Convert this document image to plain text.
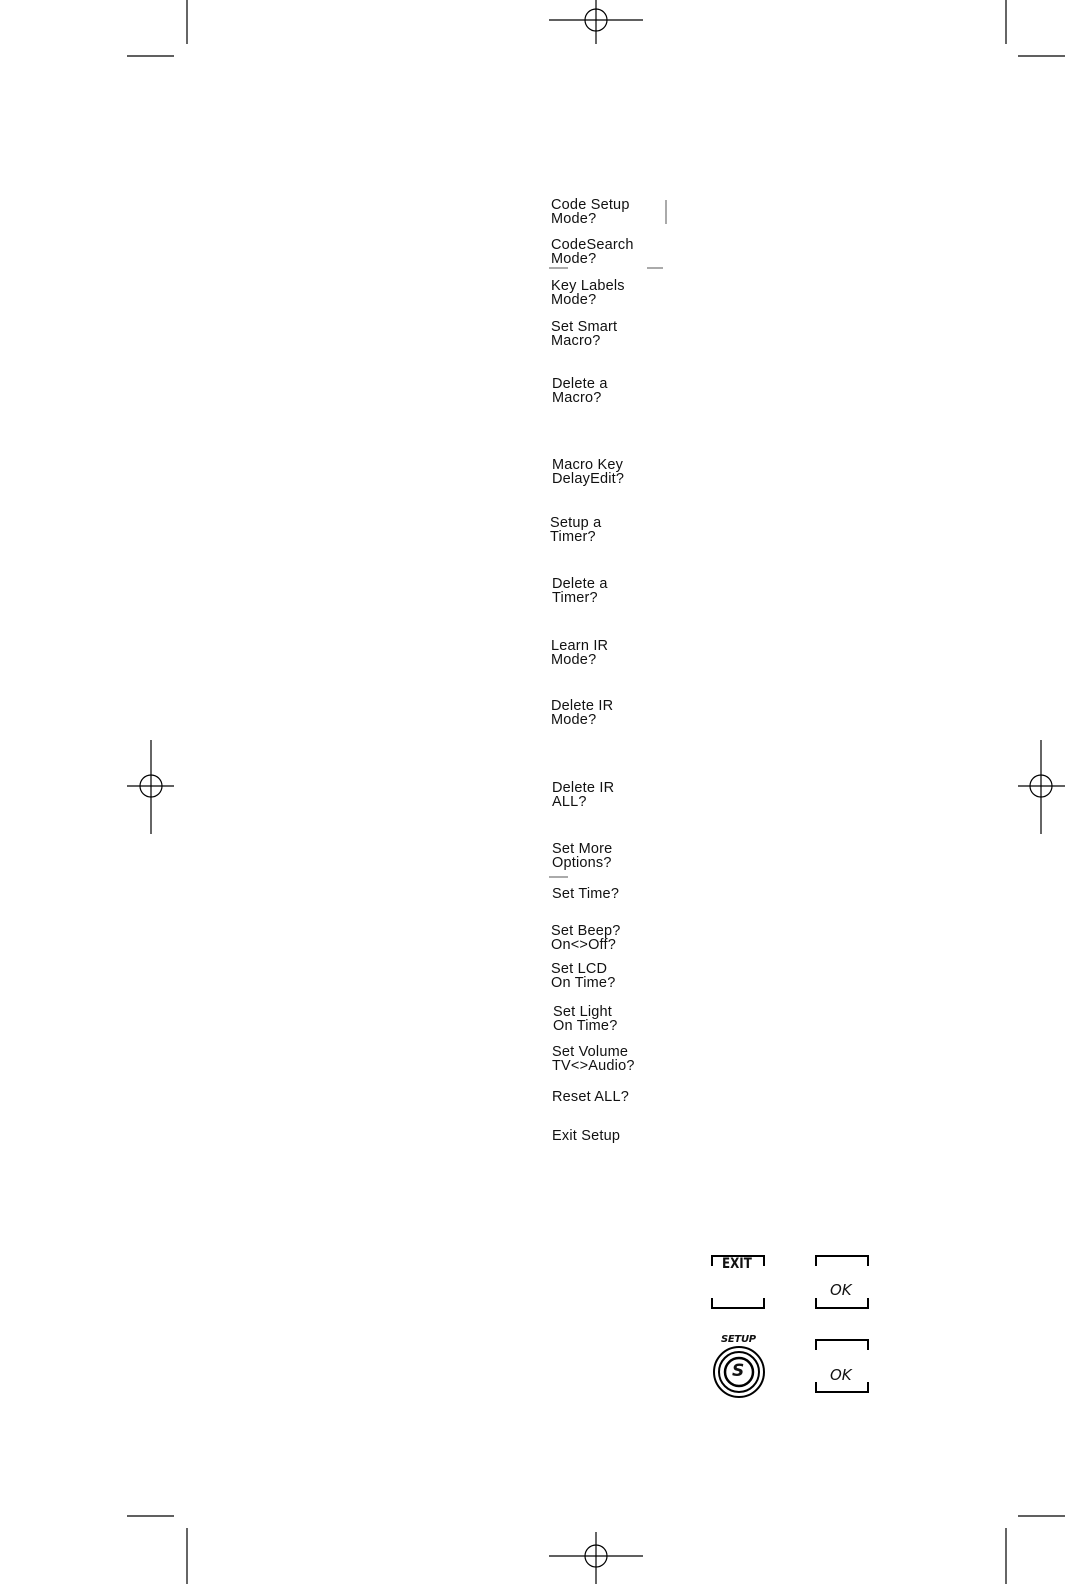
Code Setup
Mode?
CodeSearch
Mode?
Key Labels
Mode?
Set Smart
Macro?
Delete a
Macro?
Macro Key
DelayEdit?
Setup a
Timer?
Delete a
Timer?
Learn IR
Mode?
Delete IR
Mode?
Delete IR
ALL?
Set More
Options?
Set Time?
Set Beep?
On<>Off?
Set LCD
On Time?
Set Light
On Time?
Set Volume
TV<>Audio?
Reset ALL?
Exit Setup
EXIT
OK
SETUP
S	OK
